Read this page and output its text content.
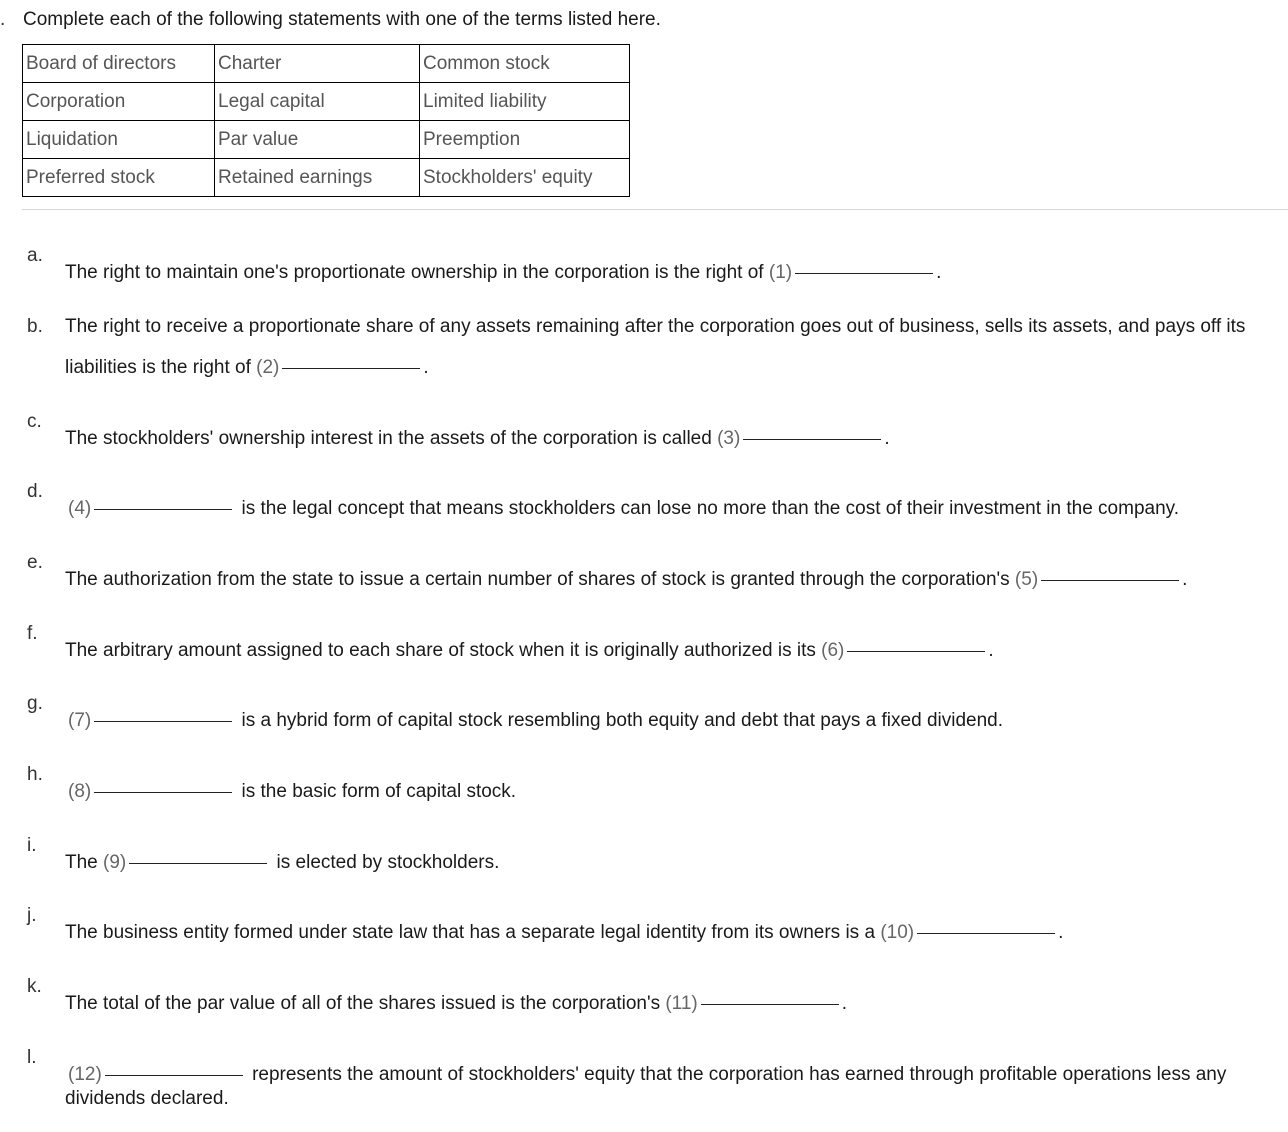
. Complete each of the following statements with one of the terms listed here.
Board of directors	Charter	Common stock
Corporation	Legal capital	Limited liability
Liquidation	Par value	Preemption
Preferred stock	Retained earnings	Stockholders' equity
a.
The right to maintain one's proportionate ownership in the corporation is the right of (1)	.
b. The right to receive a proportionate share of any assets remaining after the corporation goes out of business, sells its assets, and pays off its
liabilities is the right of (2)	.
c.
The stockholders' ownership interest in the assets of the corporation is called (3)	.
d.
(4)	is the legal concept that means stockholders can lose no more than the cost of their investment in the company.
e.
The authorization from the state to issue a certain number of shares of stock is granted through the corporation's (5)	.
f.
The arbitrary amount assigned to each share of stock when it is originally authorized is its (6)	.
g.
(7)	is a hybrid form of capital stock resembling both equity and debt that pays a fixed dividend.
h.
(8)	is the basic form of capital stock.
i.
The (9)	is elected by stockholders.
j.
The business entity formed under state law that has a separate legal identity from its owners is a (10)	.
k.
The total of the par value of all of the shares issued is the corporation's (11)	.
l.
(12)	represents the amount of stockholders' equity that the corporation has earned through profitable operations less any
dividends declared.
